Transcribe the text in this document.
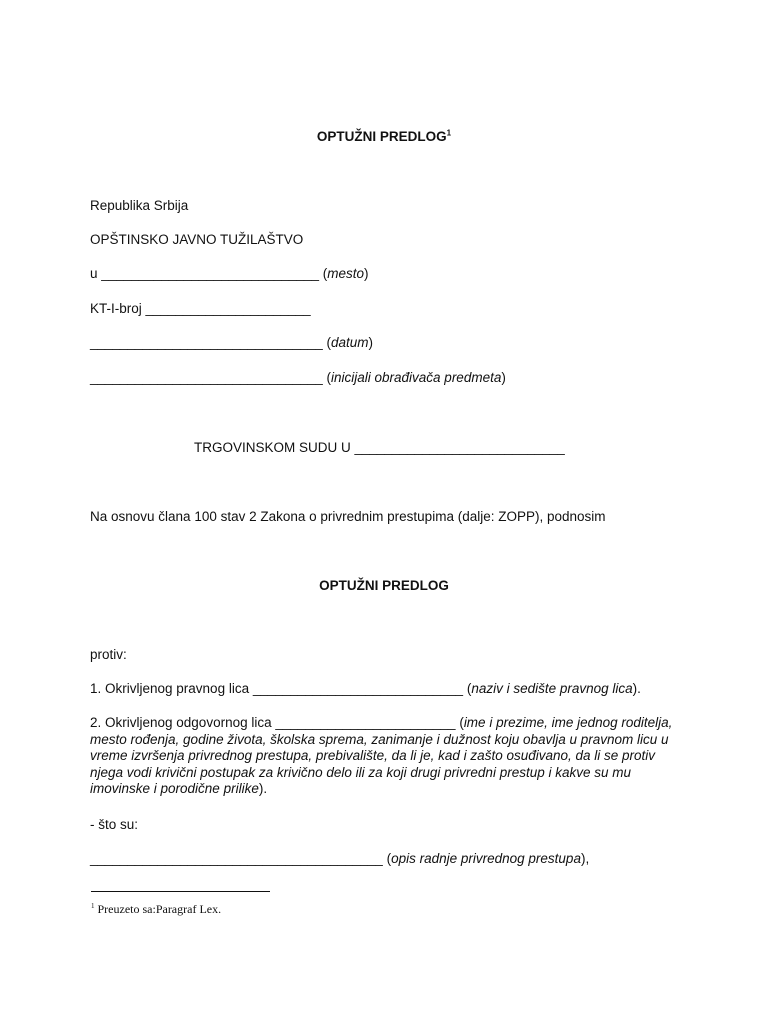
OPTUŽNI PREDLOG$^1$
Republika Srbija
OPŠTINSKO JAVNO TUŽILAŠTVO
u _____________________________ (mesto)
KT-I-broj ______________________
_______________________________ (datum)
_______________________________ (inicijali obrađivača predmeta)
TRGOVINSKOM SUDU U ____________________________
Na osnovu člana 100 stav 2 Zakona o privrednim prestupima (dalje: ZOPP), podnosim
OPTUŽNI PREDLOG
protiv:
1. Okrivljenog pravnog lica ____________________________ (naziv i sedište pravnog lica).
2. Okrivljenog odgovornog lica ________________________ (ime i prezime, ime jednog roditelja, mesto rođenja, godine života, školska sprema, zanimanje i dužnost koju obavlja u pravnom licu u vreme izvršenja privrednog prestupa, prebivalište, da li je, kad i zašto osuđivano, da li se protiv njega vodi krivični postupak za krivično delo ili za koji drugi privredni prestup i kakve su mu imovinske i porodične prilike).
- što su:
_______________________________________ (opis radnje privrednog prestupa),
$^1$ Preuzeto sa:Paragraf Lex.
